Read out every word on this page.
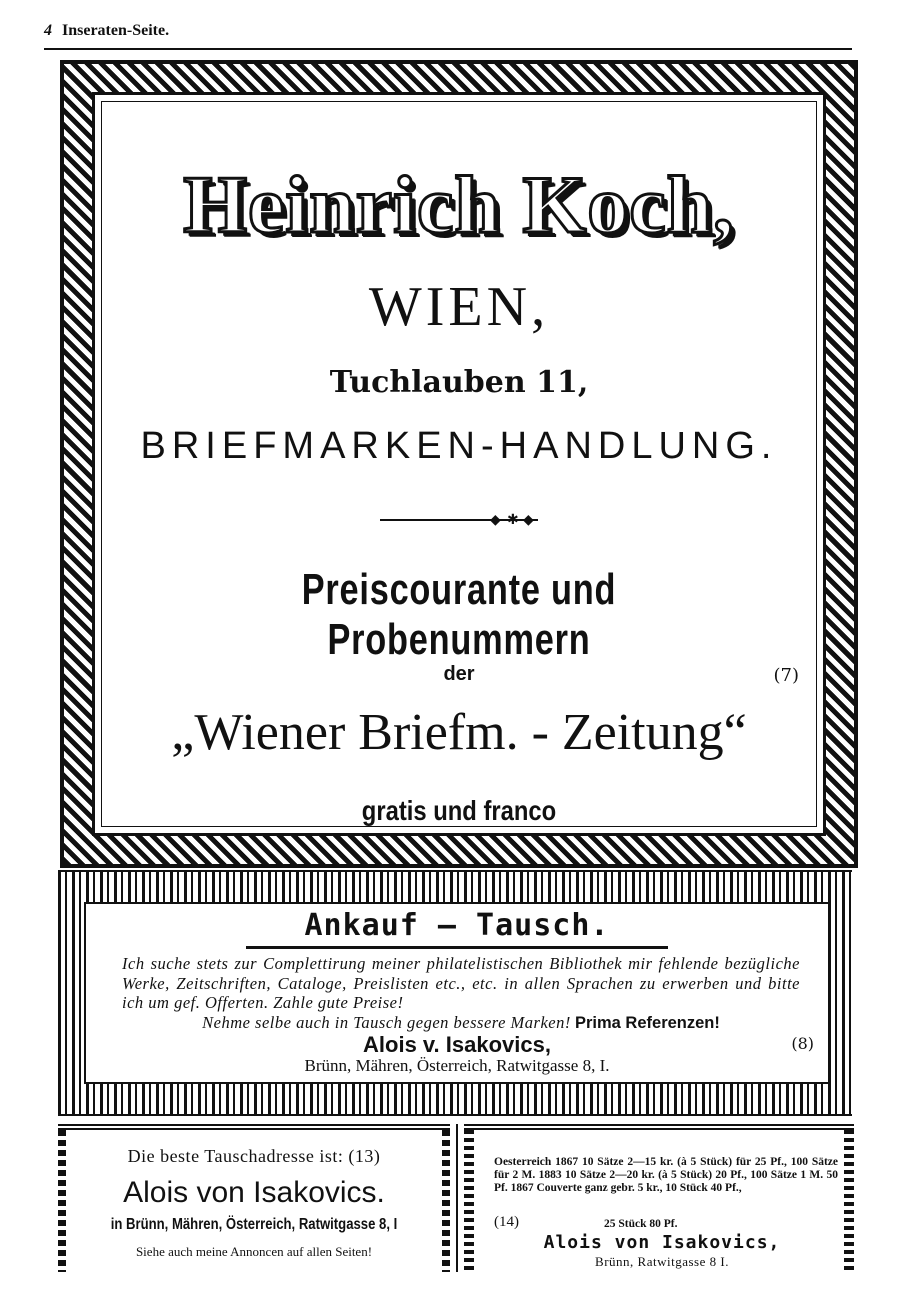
4 Inseraten-Seite.
Heinrich Koch,
WIEN,
Tuchlauben 11,
BRIEFMARKEN-HANDLUNG.
◆ ✱ ◆
Preiscourante und Probenummern
der	(7)
„Wiener Briefm. - Zeitung“
gratis und franco
Ankauf — Tausch.
Ich suche stets zur Complettirung meiner philatelistischen Bibliothek mir fehlende bezügliche Werke, Zeitschriften, Cataloge, Preislisten etc., etc. in allen Sprachen zu erwerben und bitte ich um gef. Offerten. Zahle gute Preise!
Nehme selbe auch in Tausch gegen bessere Marken! Prima Referenzen!
Alois v. Isakovics,	(8)
Brünn, Mähren, Österreich, Ratwitgasse 8, I.
Die beste Tauschadresse ist: (13)
Alois von Isakovics.
in Brünn, Mähren, Österreich, Ratwitgasse 8, I
Siehe auch meine Annoncen auf allen Seiten!
Oesterreich 1867 10 Sätze 2—15 kr. (à 5 Stück) für 25 Pf., 100 Sätze für 2 M. 1883 10 Sätze 2—20 kr. (à 5 Stück) 20 Pf., 100 Sätze 1 M. 50 Pf. 1867 Couverte ganz gebr. 5 kr., 10 Stück 40 Pf.,
(14)	25 Stück 80 Pf.
Alois von Isakovics,
Brünn, Ratwitgasse 8 I.
